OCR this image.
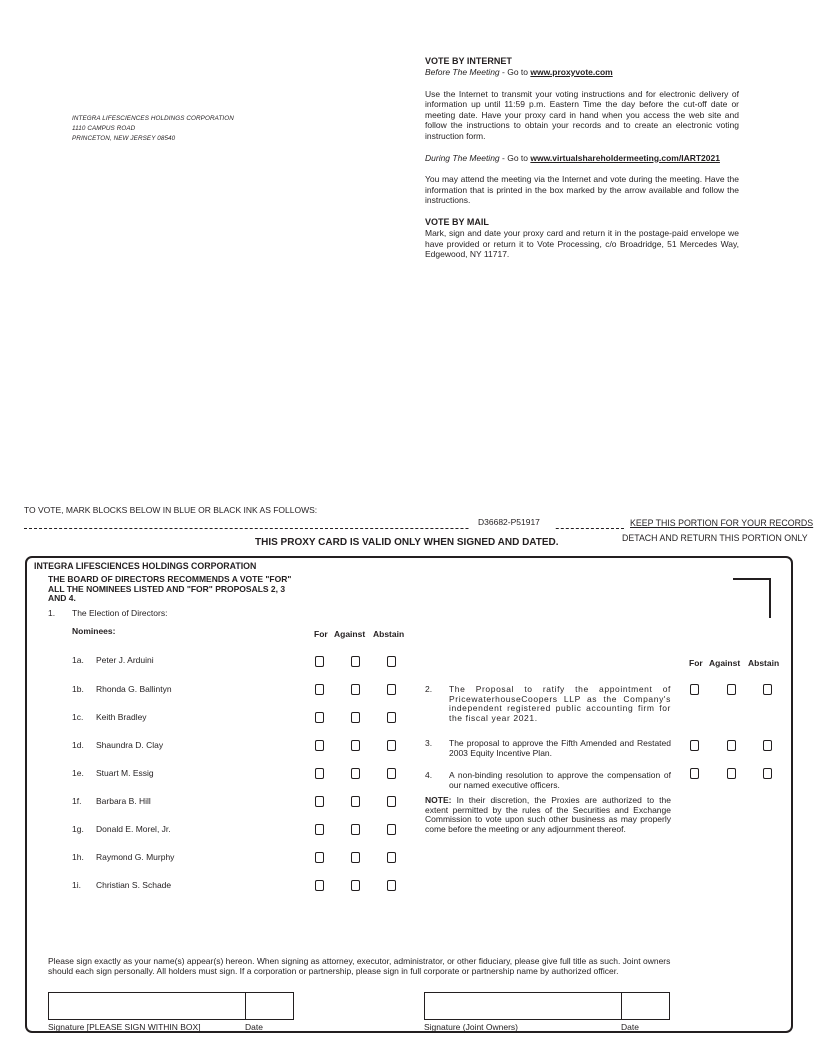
INTEGRA LIFESCIENCES HOLDINGS CORPORATION
1110 CAMPUS ROAD
PRINCETON, NEW JERSEY 08540
VOTE BY INTERNET

Before The Meeting - Go to www.proxyvote.com

Use the Internet to transmit your voting instructions and for electronic delivery of information up until 11:59 p.m. Eastern Time the day before the cut-off date or meeting date. Have your proxy card in hand when you access the web site and follow the instructions to obtain your records and to create an electronic voting instruction form.

During The Meeting - Go to www.virtualshareholdermeeting.com/IART2021

You may attend the meeting via the Internet and vote during the meeting. Have the information that is printed in the box marked by the arrow available and follow the instructions.

VOTE BY MAIL

Mark, sign and date your proxy card and return it in the postage-paid envelope we have provided or return it to Vote Processing, c/o Broadridge, 51 Mercedes Way, Edgewood, NY 11717.

TO VOTE, MARK BLOCKS BELOW IN BLUE OR BLACK INK AS FOLLOWS:
D36682-P51917	KEEP THIS PORTION FOR YOUR RECORDS
DETACH AND RETURN THIS PORTION ONLY
THIS PROXY CARD IS VALID ONLY WHEN SIGNED AND DATED.
INTEGRA LIFESCIENCES HOLDINGS CORPORATION
THE BOARD OF DIRECTORS RECOMMENDS A VOTE "FOR" ALL THE NOMINEES LISTED AND "FOR" PROPOSALS 2, 3 AND 4.
1. The Election of Directors:
Nominees:	For Against Abstain
For Against Abstain
1a. Peter J. Arduini
1b. Rhonda G. Ballintyn
1c. Keith Bradley
1d. Shaundra D. Clay
1e. Stuart M. Essig
1f. Barbara B. Hill
1g. Donald E. Morel, Jr.
1h. Raymond G. Murphy
1i. Christian S. Schade
2. The Proposal to ratify the appointment of PricewaterhouseCoopers LLP as the Company's independent registered public accounting firm for the fiscal year 2021.
3. The proposal to approve the Fifth Amended and Restated 2003 Equity Incentive Plan.
4. A non-binding resolution to approve the compensation of our named executive officers.
NOTE: In their discretion, the Proxies are authorized to the extent permitted by the rules of the Securities and Exchange Commission to vote upon such other business as may properly come before the meeting or any adjournment thereof.
Please sign exactly as your name(s) appear(s) hereon. When signing as attorney, executor, administrator, or other fiduciary, please give full title as such. Joint owners should each sign personally. All holders must sign. If a corporation or partnership, please sign in full corporate or partnership name by authorized officer.
Signature [PLEASE SIGN WITHIN BOX]	Date	Signature (Joint Owners)	Date
